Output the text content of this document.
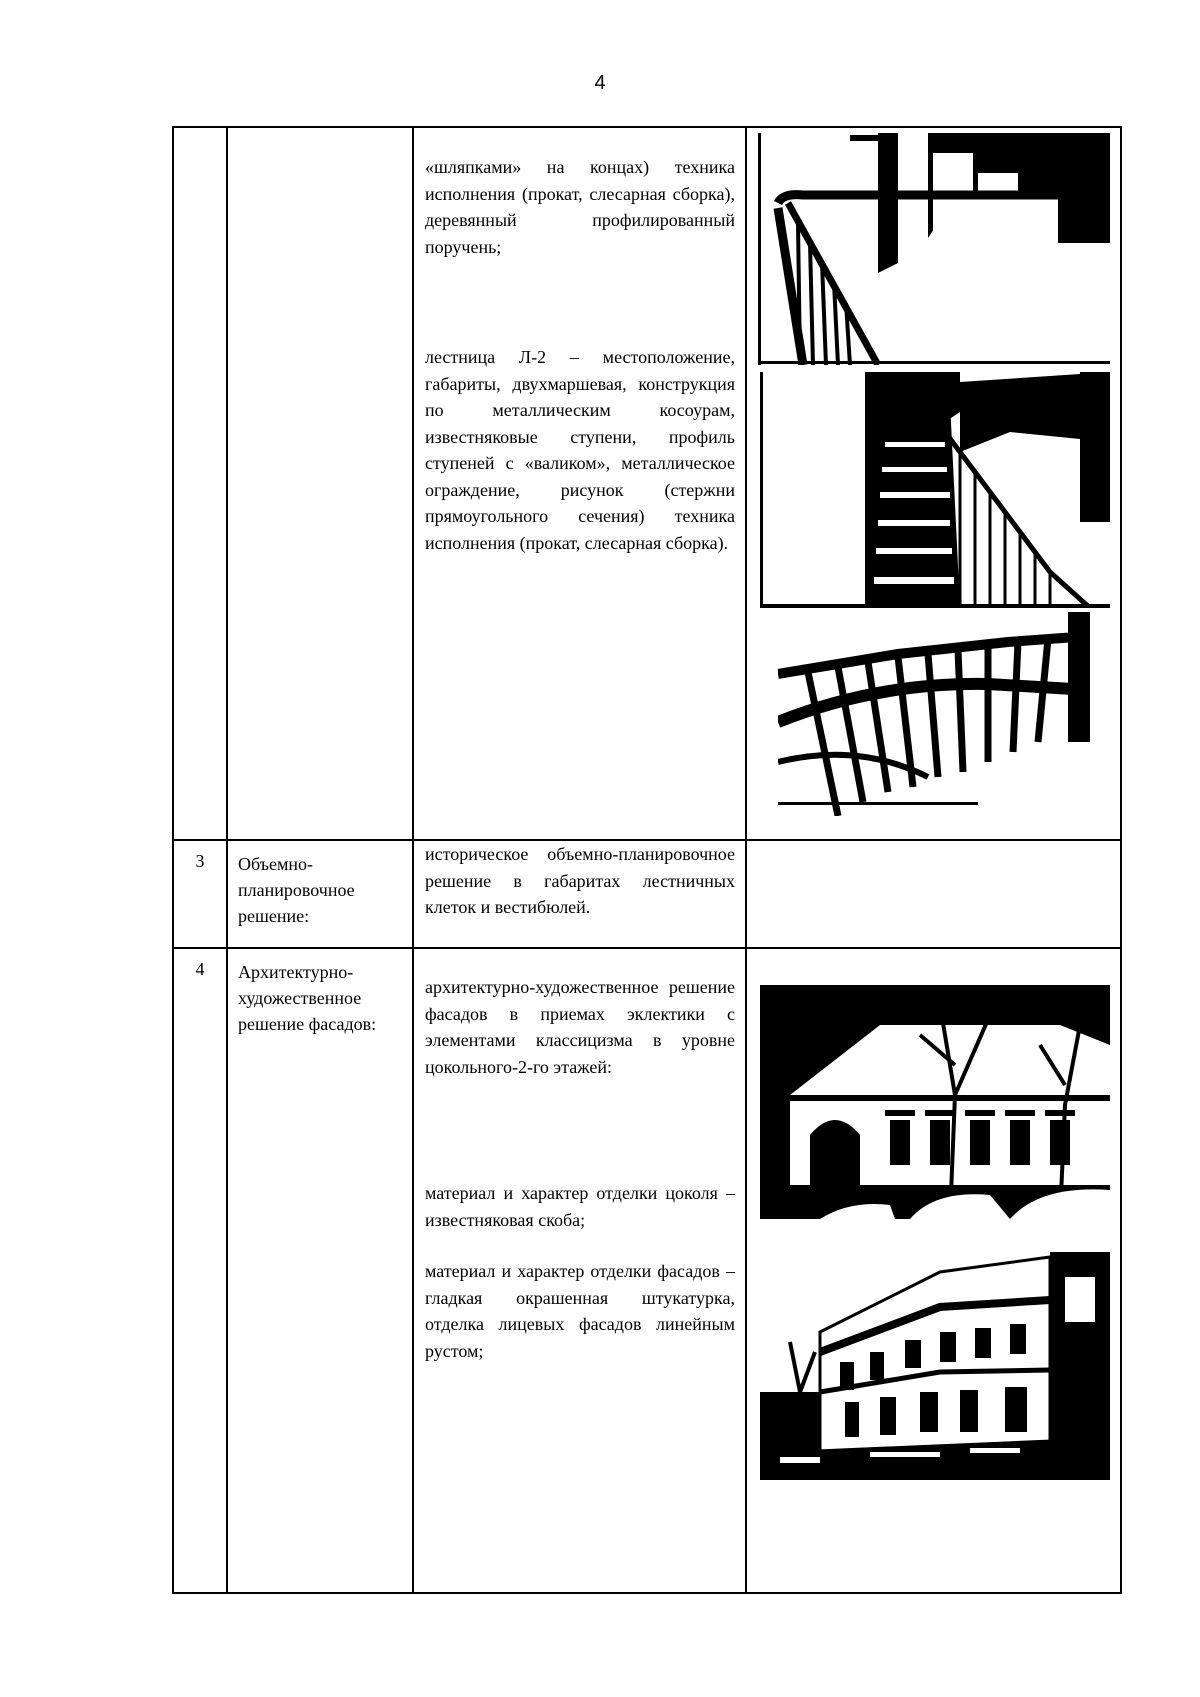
4

		«шляпками» на концах) техника исполнения (прокат, слесарная сборка), деревянный профилированный поручень;

лестница Л-2 – местоположение, габариты, двухмаршевая, конструкция по металлическим косоурам, известняковые ступени, профиль ступеней с «валиком», металлическое ограждение, рисунок (стержни прямоугольного сечения) техника исполнения (прокат, слесарная сборка).	

3	Объемно-планировочное решение:	историческое объемно-планировочное решение в габаритах лестничных клеток и вестибюлей.	

4	Архитектурно-художественное решение фасадов:	архитектурно-художественное решение фасадов в приемах эклектики с элементами классицизма в уровне цокольного-2-го этажей:

материал и характер отделки цоколя – известняковая скоба;

материал и характер отделки фасадов – гладкая окрашенная штукатурка, отделка лицевых фасадов линейным рустом;	
